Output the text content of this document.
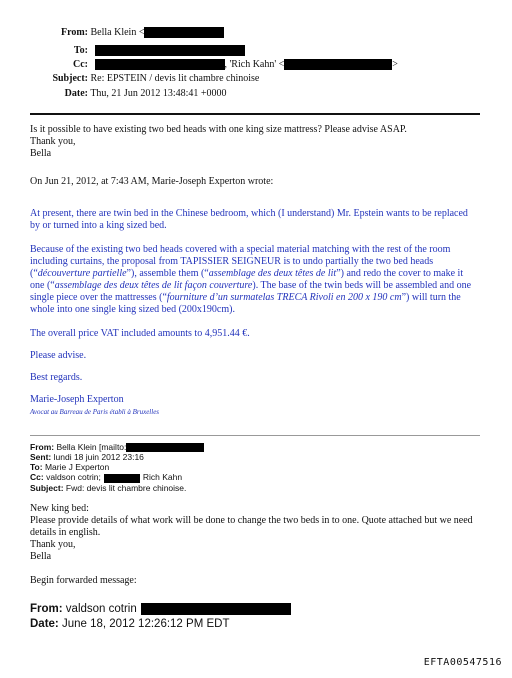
From: Bella Klein <
To:
Cc:	, 'Rich Kahn' <	>
Subject: Re: EPSTEIN / devis lit chambre chinoise
Date: Thu, 21 Jun 2012 13:48:41 +0000
Is it possible to have existing two bed heads with one king size mattress? Please advise ASAP.
Thank you,
Bella
On Jun 21, 2012, at 7:43 AM, Marie-Joseph Experton wrote:

At present, there are twin bed in the Chinese bedroom, which (I understand) Mr. Epstein wants to be replaced by or turned into a king sized bed.

Because of the existing two bed heads covered with a special material matching with the rest of the room including curtains, the proposal from TAPISSIER SEIGNEUR is to undo partially the two bed heads (“découverture partielle”), assemble them (“assemblage des deux têtes de lit”) and redo the cover to make it one (“assemblage des deux têtes de lit façon couverture). The base of the twin beds will be assembled and one single piece over the mattresses (“fourniture d’un surmatelas TRECA Rivoli en 200 x 190 cm”) will turn the whole into one single king sized bed (200x190cm).

The overall price VAT included amounts to 4,951.44 €.

Please advise.

Best regards.

Marie-Joseph Experton

Avocat au Barreau de Paris établi à Bruxelles

From: Bella Klein [mailto:
Sent: lundi 18 juin 2012 23:16
To: Marie J Experton
Cc: valdson cotrin;	Rich Kahn
Subject: Fwd: devis lit chambre chinoise.
New king bed:
Please provide details of what work will be done to change the two beds in to one. Quote attached but we need details in english.
Thank you,
Bella
Begin forwarded message:
From: valdson cotrin
Date: June 18, 2012 12:26:12 PM EDT
EFTA00547516
